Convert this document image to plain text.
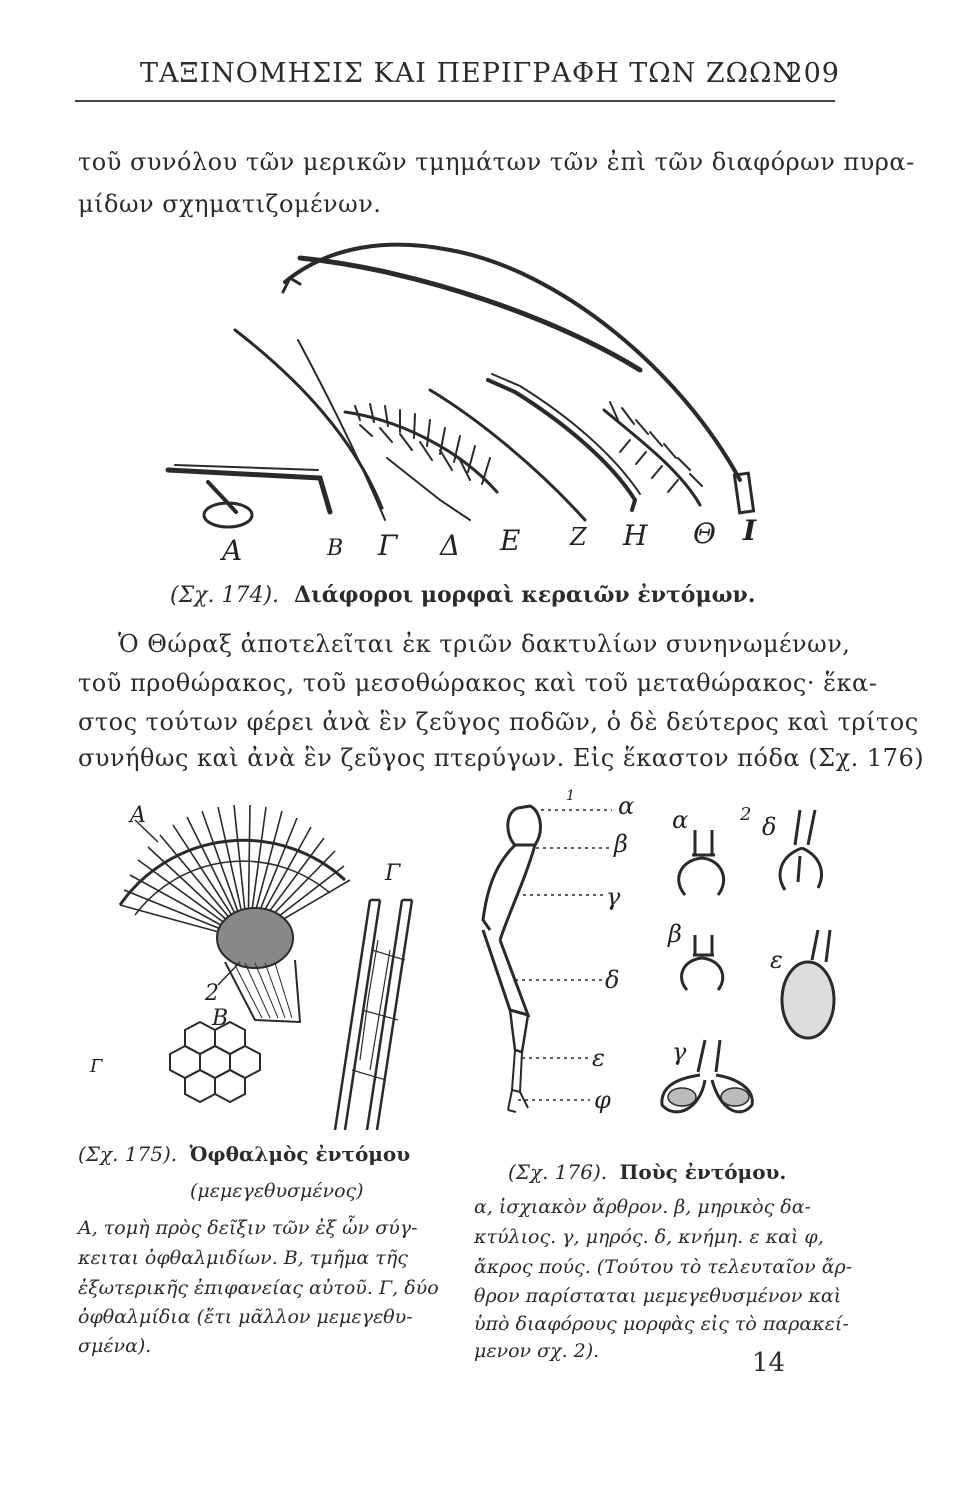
ΤΑΞΙΝΟΜΗΣΙΣ ΚΑΙ ΠΕΡΙΓΡΑΦΗ ΤΩΝ ΖΩΩΝ
209
τοῦ συνόλου τῶν μερικῶν τμημάτων τῶν ἐπὶ τῶν διαφόρων πυρα-
μίδων σχηματιζομένων.
A	B Γ Δ E Z H Θ I
(Σχ. 174). Διάφοροι μορφαὶ κεραιῶν ἐντόμων.
Ὁ Θώραξ ἀποτελεῖται ἐκ τριῶν δακτυλίων συνηνωμένων,
τοῦ προθώρακος, τοῦ μεσοθώρακος καὶ τοῦ μεταθώρακος· ἕκα-
στος τούτων φέρει ἀνὰ ἓν ζεῦγος ποδῶν, ὁ δὲ δεύτερος καὶ τρίτος
συνήθως καὶ ἀνὰ ἓν ζεῦγος πτερύγων. Εἰς ἕκαστον πόδα (Σχ. 176)
A
2
B
Γ
Γ
1 α
β
γ
δ
ε
φ
α	2 δ
β
ε
γ
(Σχ. 175). Ὀφθαλμὸς ἐντόμου
(μεμεγεθυσμένος)
A, τομὴ πρὸς δεῖξιν τῶν ἐξ ὧν σύγ-
κειται ὀφθαλμιδίων. B, τμῆμα τῆς
ἐξωτερικῆς ἐπιφανείας αὐτοῦ. Γ, δύο
ὀφθαλμίδια (ἔτι μᾶλλον μεμεγεθυ-
σμένα).
(Σχ. 176). Ποὺς ἐντόμου.
α, ἰσχιακὸν ἄρθρον. β, μηρικὸς δα-
κτύλιος. γ, μηρός. δ, κνήμη. ε καὶ φ,
ἄκρος πούς. (Τούτου τὸ τελευταῖον ἄρ-
θρον παρίσταται μεμεγεθυσμένον καὶ
ὑπὸ διαφόρους μορφὰς εἰς τὸ παρακεί-
μενον σχ. 2).	14
